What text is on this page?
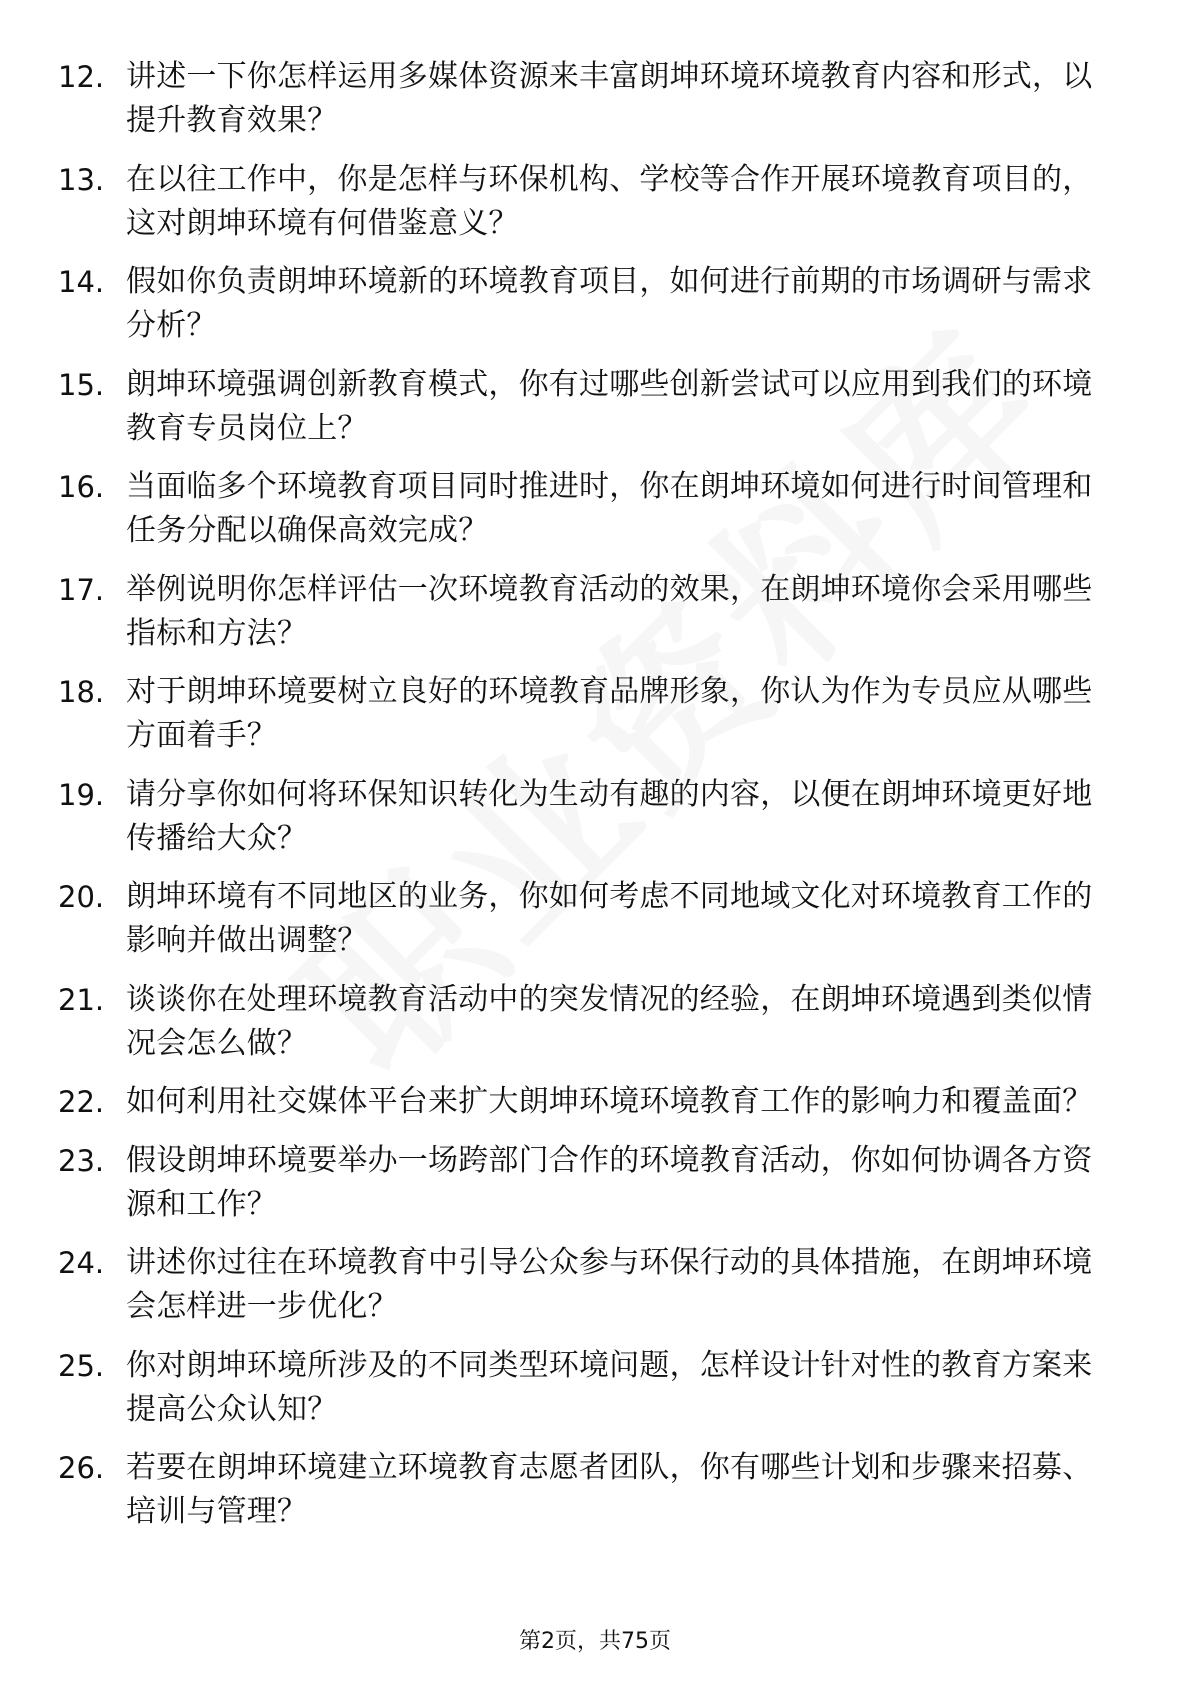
12. 讲述一下你怎样运用多媒体资源来丰富朗坤环境环境教育内容和形式，以提升教育效果？
13. 在以往工作中，你是怎样与环保机构、学校等合作开展环境教育项目的，这对朗坤环境有何借鉴意义？
14. 假如你负责朗坤环境新的环境教育项目，如何进行前期的市场调研与需求分析？
15. 朗坤环境强调创新教育模式，你有过哪些创新尝试可以应用到我们的环境教育专员岗位上？
16. 当面临多个环境教育项目同时推进时，你在朗坤环境如何进行时间管理和任务分配以确保高效完成？
17. 举例说明你怎样评估一次环境教育活动的效果，在朗坤环境你会采用哪些指标和方法？
18. 对于朗坤环境要树立良好的环境教育品牌形象，你认为作为专员应从哪些方面着手？
19. 请分享你如何将环保知识转化为生动有趣的内容，以便在朗坤环境更好地传播给大众？
20. 朗坤环境有不同地区的业务，你如何考虑不同地域文化对环境教育工作的影响并做出调整？
21. 谈谈你在处理环境教育活动中的突发情况的经验，在朗坤环境遇到类似情况会怎么做？
22. 如何利用社交媒体平台来扩大朗坤环境环境教育工作的影响力和覆盖面？
23. 假设朗坤环境要举办一场跨部门合作的环境教育活动，你如何协调各方资源和工作？
24. 讲述你过往在环境教育中引导公众参与环保行动的具体措施，在朗坤环境会怎样进一步优化？
25. 你对朗坤环境所涉及的不同类型环境问题，怎样设计针对性的教育方案来提高公众认知？
26. 若要在朗坤环境建立环境教育志愿者团队，你有哪些计划和步骤来招募、培训与管理？
第2页，共75页
